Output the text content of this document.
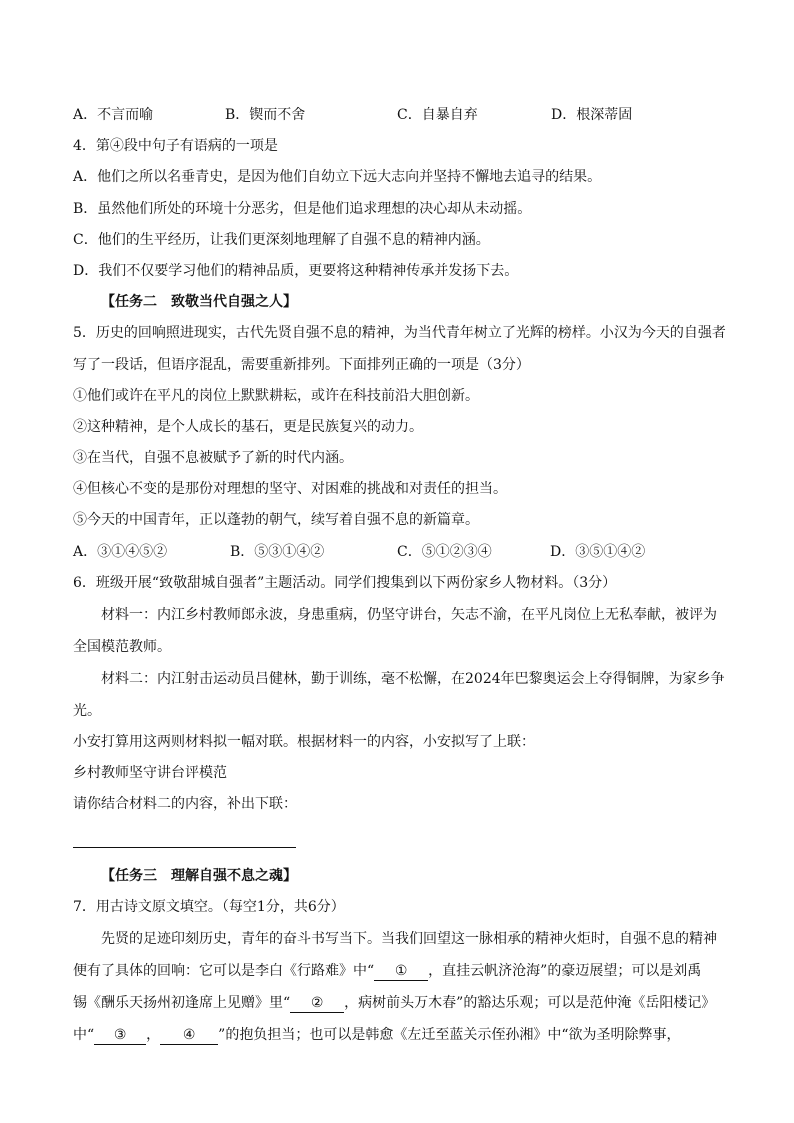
A．不言而喻	B．锲而不舍	C．自暴自弃	D．根深蒂固
4．第④段中句子有语病的一项是
A．他们之所以名垂青史，是因为他们自幼立下远大志向并坚持不懈地去追寻的结果。
B．虽然他们所处的环境十分恶劣，但是他们追求理想的决心却从未动摇。
C．他们的生平经历，让我们更深刻地理解了自强不息的精神内涵。
D．我们不仅要学习他们的精神品质，更要将这种精神传承并发扬下去。
【任务二　致敬当代自强之人】
5．历史的回响照进现实，古代先贤自强不息的精神，为当代青年树立了光辉的榜样。小汉为今天的自强者
写了一段话，但语序混乱，需要重新排列。下面排列正确的一项是（3分）
①他们或许在平凡的岗位上默默耕耘，或许在科技前沿大胆创新。
②这种精神，是个人成长的基石，更是民族复兴的动力。
③在当代，自强不息被赋予了新的时代内涵。
④但核心不变的是那份对理想的坚守、对困难的挑战和对责任的担当。
⑤今天的中国青年，正以蓬勃的朝气，续写着自强不息的新篇章。
A．③①④⑤②	B．⑤③①④②	C．⑤①②③④	D．③⑤①④②
6．班级开展“致敬甜城自强者”主题活动。同学们搜集到以下两份家乡人物材料。（3分）
材料一：内江乡村教师郎永波，身患重病，仍坚守讲台，矢志不渝，在平凡岗位上无私奉献，被评为
全国模范教师。
材料二：内江射击运动员吕健林，勤于训练，毫不松懈，在2024年巴黎奥运会上夺得铜牌，为家乡争
光。
小安打算用这两则材料拟一幅对联。根据材料一的内容，小安拟写了上联：
乡村教师坚守讲台评模范
请你结合材料二的内容，补出下联：
【任务三　理解自强不息之魂】
7．用古诗文原文填空。（每空1分，共6分）
先贤的足迹印刻历史，青年的奋斗书写当下。当我们回望这一脉相承的精神火炬时，自强不息的精神
便有了具体的回响：它可以是李白《行路难》中“ ① ，直挂云帆济沧海”的豪迈展望；可以是刘禹
锡《酬乐天扬州初逢席上见赠》里“ ② ，病树前头万木春”的豁达乐观；可以是范仲淹《岳阳楼记》
中“ ③ ， ④ ”的抱负担当；也可以是韩愈《左迁至蓝关示侄孙湘》中“欲为圣明除弊事，
